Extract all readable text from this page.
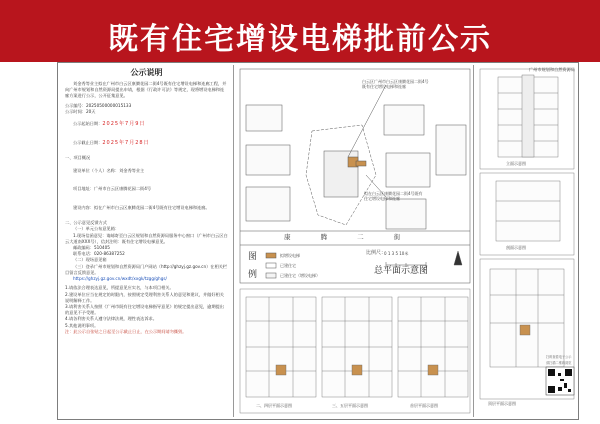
既有住宅增设电梯批前公示
公示说明
刘金秀等业主拟在广州市白云区康腾花园二街4号既有住宅增设电梯和连廊工程，并向广州市规划和自然资源局提出申请，根据《行政许可法》等规定，现将增设电梯和连廊方案进行公示，公开征集意见。
广州市规划和自然资源局
公示编号：20250500000015133
公示时间：20天

公示起始日期：2025年7月9日

公示截止日期：2025年7月28日

一、项目概况

建设单位（个人）名称：刘金秀等业主

项目地址：广州市白云区康腾花园二街4号

建设内容：拟在广州市白云区康腾花园二街4号既有住宅增设电梯和连廊。

二、公示意见反馈方式
（一）单元公布意见箱：
1.现场信函意见：请邮寄至白云区规划和自然资源局服务中心窗口（广州市白云区白云大道南XXX号），信封注明：既有住宅增设电梯意见。
邮政编码：510405
联系电话：020-86387252
（二）现场意见箱
（三）登录广州市规划和自然资源局门户网站（http://ghzyj.gz.gov.cn）在相关栏目留言反馈意见。
https://ghzyj.gz.gov.cn/wxdt/xxgk/tzgg/ghgs/
1.请依法合理表达意见，所提意见应实名，与本项目相关。
2.建设单位应当在规定的时限内，按照规定受理利害关系人的意见和建议，并做好相关说明解释工作。
3.请利害关系人按照《广州市既有住宅增设电梯指导意见》的规定提出意见，逾期提出的意见不予受理。
4.请各利害关系人遵守法律法规，理性表达诉求。
5.其他说明事项。
注：此公示自张贴之日起至公示截止日止，在公示期间请勿撕毁。
白云区广州市白云区康腾花园二街4号既有住宅增设电梯和连廊
拟在白云区康腾花园二街4号既有住宅增设电梯和连廊
康 腾 二 街
图
例
拟增设电梯
已建住宅
已建住宅（增设电梯）
比例尺：
0 1 3 5 10米
总平面示意图
二、四层平面示意图	三、五层平面示意图	首层平面示意图
立面示意图
剖面示意图
顶层平面示意图
扫码查看电子公示
请扫描二维码浏览
